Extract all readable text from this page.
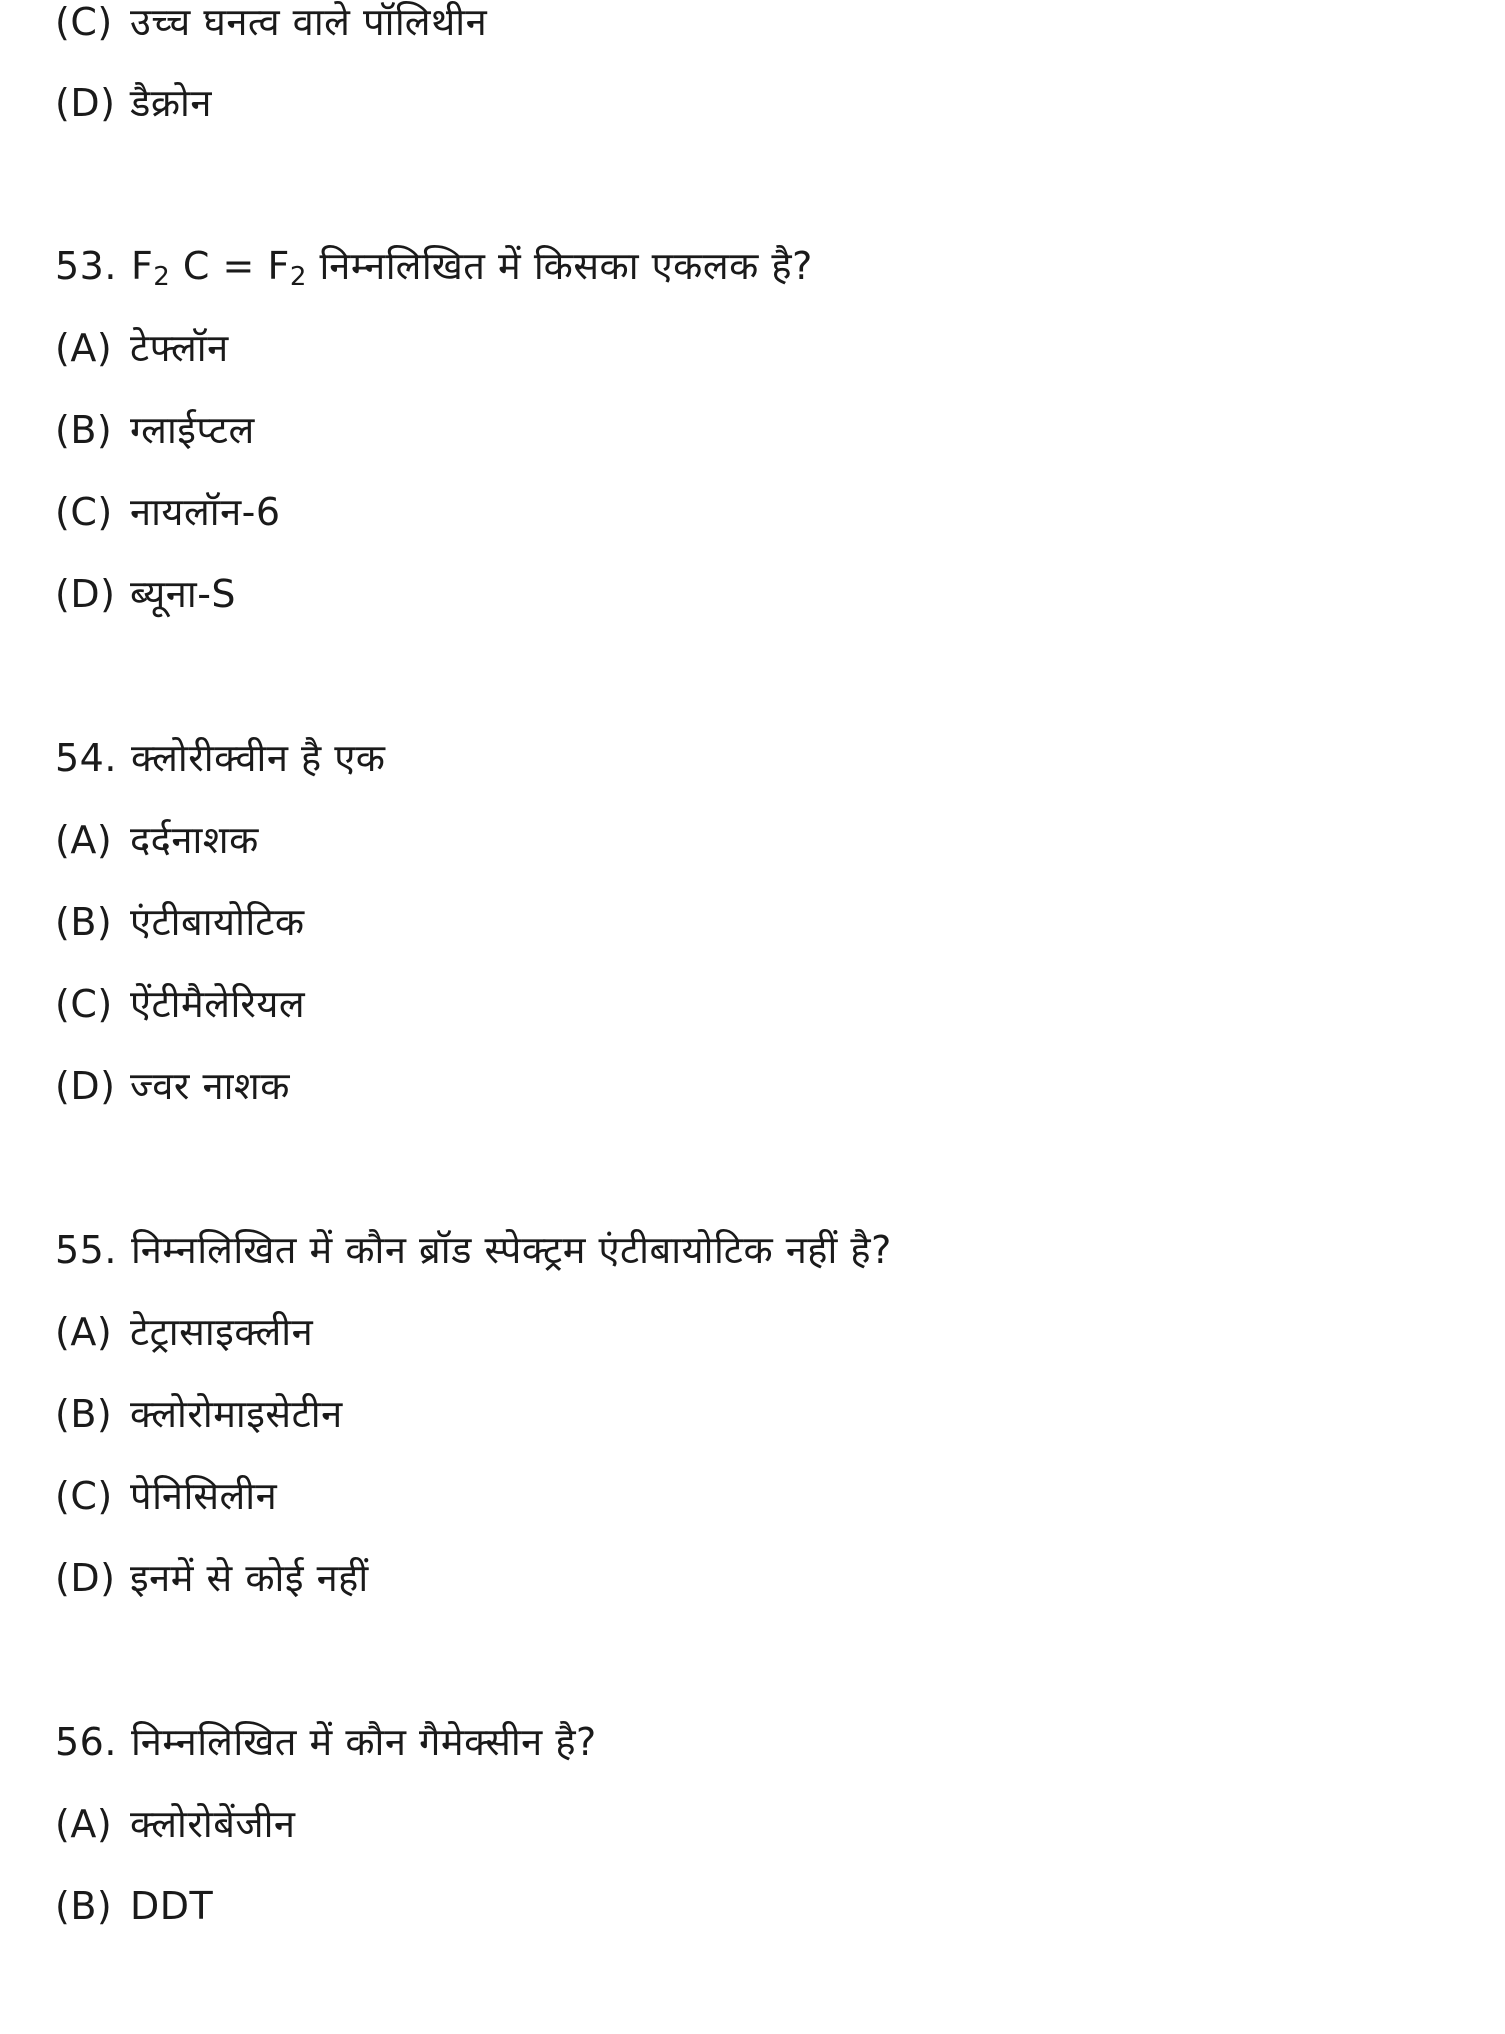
(C) उच्च घनत्व वाले पॉलिथीन
(D) डैक्रोन
53. $F_2$ $C = F_2$ निम्नलिखित में किसका एकलक है?
(A) टेफ्लॉन
(B) ग्लाईप्टल
(C) नायलॉन-6
(D) ब्यूना-S
54. क्लोरीक्वीन है एक
(A) दर्दनाशक
(B) एंटीबायोटिक
(C) ऐंटीमैलेरियल
(D) ज्वर नाशक
55. निम्नलिखित में कौन ब्रॉड स्पेक्ट्रम एंटीबायोटिक नहीं है?
(A) टेट्रासाइक्लीन
(B) क्लोरोमाइसेटीन
(C) पेनिसिलीन
(D) इनमें से कोई नहीं
56. निम्नलिखित में कौन गैमेक्सीन है?
(A) क्लोरोबेंजीन
(B) DDT
